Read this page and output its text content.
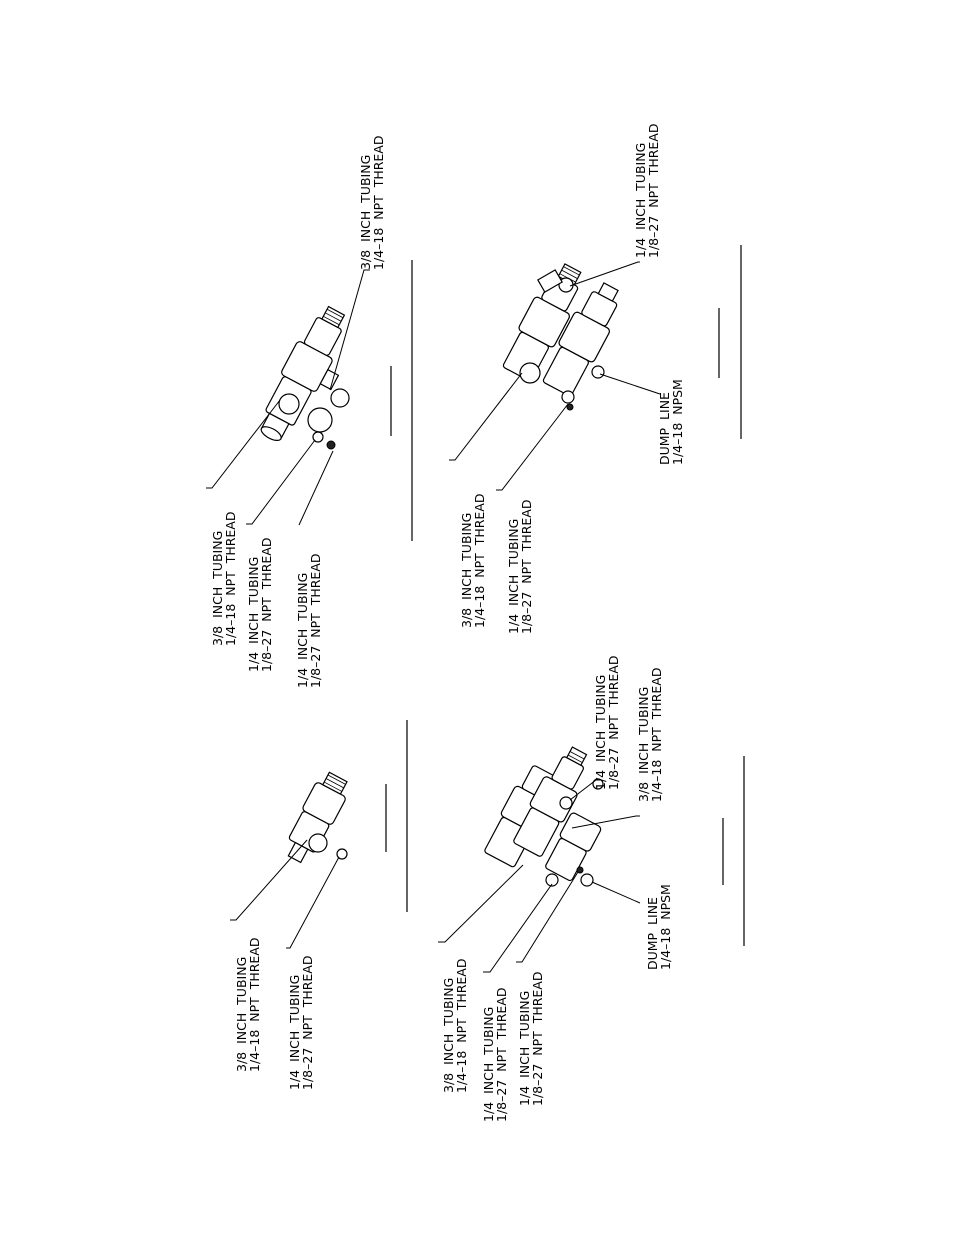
3/8  INCH  TUBING
1/4–18  NPT  THREAD 1/4  INCH  TUBING
1/8–27  NPT  THREAD 1/4  INCH  TUBING
1/8–27  NPT  THREAD
3/8  INCH  TUBING
1/4–18  NPT  THREAD
3/8  INCH  TUBING
1/4–18  NPT  THREAD 1/4  INCH  TUBING
1/8–27  NPT  THREAD
DUMP  LINE
1/4–18  NPSM
1/4  INCH  TUBING
1/8–27  NPT  THREAD
3/8  INCH  TUBING
1/4–18  NPT  THREAD 1/4  INCH  TUBING
1/8–27  NPT  THREAD	3/8  INCH  TUBING
1/4–18  NPT  THREAD 1/4  INCH  TUBING
1/8–27  NPT  THREAD 1/4  INCH  TUBING
1/8–27  NPT  THREAD
DUMP  LINE
1/4–18  NPSM
1/4  INCH  TUBING
1/8–27  NPT  THREAD 3/8  INCH  TUBING
1/4–18  NPT  THREAD
